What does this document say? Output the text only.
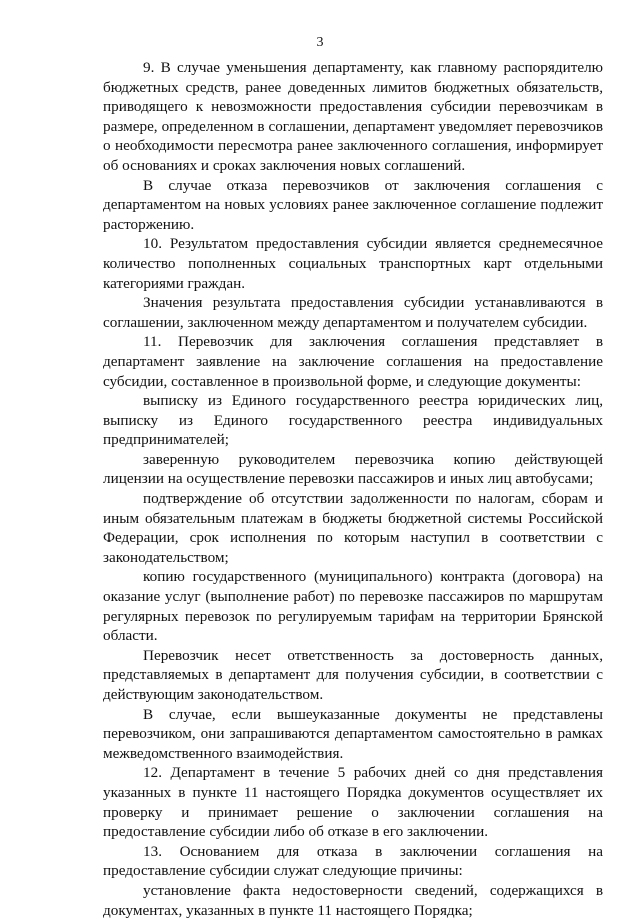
3

9. В случае уменьшения департаменту, как главному распорядителю бюджетных средств, ранее доведенных лимитов бюджетных обязательств, приводящего к невозможности предоставления субсидии перевозчикам в размере, определенном в соглашении, департамент уведомляет перевозчиков о необходимости пересмотра ранее заключенного соглашения, информирует об основаниях и сроках заключения новых соглашений.

В случае отказа перевозчиков от заключения соглашения с департаментом на новых условиях ранее заключенное соглашение подлежит расторжению.

10. Результатом предоставления субсидии является среднемесячное количество пополненных социальных транспортных карт отдельными категориями граждан.

Значения результата предоставления субсидии устанавливаются в соглашении, заключенном между департаментом и получателем субсидии.

11. Перевозчик для заключения соглашения представляет в департамент заявление на заключение соглашения на предоставление субсидии, составленное в произвольной форме, и следующие документы:

выписку из Единого государственного реестра юридических лиц, выписку из Единого государственного реестра индивидуальных предпринимателей;

заверенную руководителем перевозчика копию действующей лицензии на осуществление перевозки пассажиров и иных лиц автобусами;

подтверждение об отсутствии задолженности по налогам, сборам и иным обязательным платежам в бюджеты бюджетной системы Российской Федерации, срок исполнения по которым наступил в соответствии с законодательством;

копию государственного (муниципального) контракта (договора) на оказание услуг (выполнение работ) по перевозке пассажиров по маршрутам регулярных перевозок по регулируемым тарифам на территории Брянской области.

Перевозчик несет ответственность за достоверность данных, представляемых в департамент для получения субсидии, в соответствии с действующим законодательством.

В случае, если вышеуказанные документы не представлены перевозчиком, они запрашиваются департаментом самостоятельно в рамках межведомственного взаимодействия.

12. Департамент в течение 5 рабочих дней со дня представления указанных в пункте 11 настоящего Порядка документов осуществляет их проверку и принимает решение о заключении соглашения на предоставление субсидии либо об отказе в его заключении.

13. Основанием для отказа в заключении соглашения на предоставление субсидии служат следующие причины:

установление факта недостоверности сведений, содержащихся в документах, указанных в пункте 11 настоящего Порядка;
